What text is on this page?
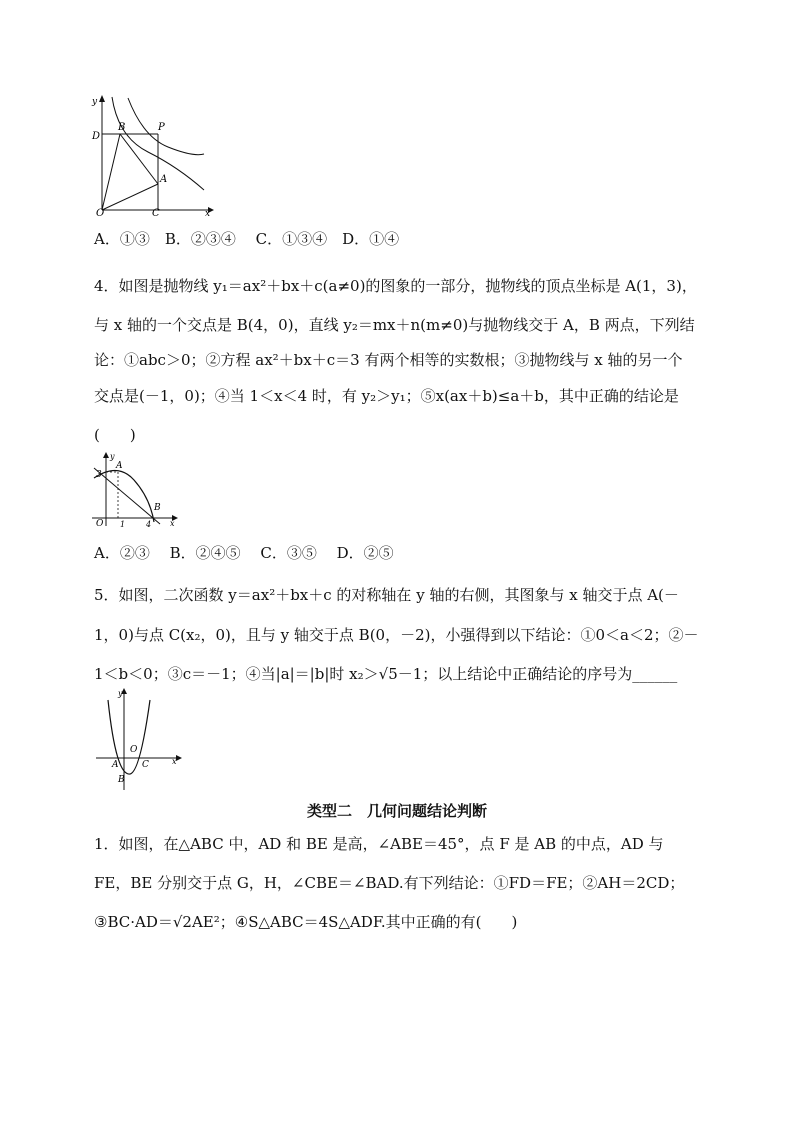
y
x
D
B	P
A
O	C
A．①③　B．②③④　 C．①③④　D．①④
4．如图是抛物线 y₁＝ax²＋bx＋c(a≠0)的图象的一部分，抛物线的顶点坐标是 A(1，3)，
与 x 轴的一个交点是 B(4，0)，直线 y₂＝mx＋n(m≠0)与抛物线交于 A，B 两点，下列结
论：①abc＞0；②方程 ax²＋bx＋c＝3 有两个相等的实数根；③抛物线与 x 轴的另一个
交点是(－1，0)；④当 1＜x＜4 时，有 y₂＞y₁；⑤x(ax＋b)≤a＋b，其中正确的结论是
(　　)
y
A
3
B
O 1	4 x
A．②③　 B．②④⑤　 C．③⑤　 D．②⑤
5．如图，二次函数 y＝ax²＋bx＋c 的对称轴在 y 轴的右侧，其图象与 x 轴交于点 A(－
1，0)与点 C(x₂，0)，且与 y 轴交于点 B(0，－2)，小强得到以下结论：①0＜a＜2；②－
1＜b＜0；③c＝－1；④当|a|＝|b|时 x₂＞√5－1；以上结论中正确结论的序号为______
y
O
A	C	x
B
类型二　几何问题结论判断
1．如图，在△ABC 中，AD 和 BE 是高，∠ABE＝45°，点 F 是 AB 的中点，AD 与
FE，BE 分别交于点 G，H，∠CBE＝∠BAD.有下列结论：①FD＝FE；②AH＝2CD；
③BC·AD＝√2AE²；④S△ABC＝4S△ADF.其中正确的有(　　)
